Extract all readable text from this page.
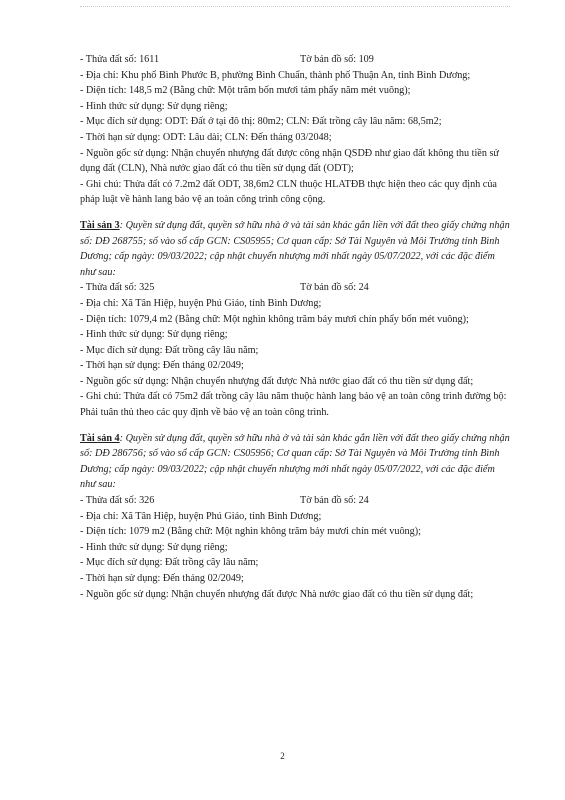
- Thửa đất số: 1611	Tờ bản đồ số: 109
- Địa chỉ: Khu phố Bình Phước B, phường Bình Chuẩn, thành phố Thuận An, tỉnh Bình Dương;
- Diện tích: 148,5 m2 (Bằng chữ: Một trăm bốn mươi tám phẩy năm mét vuông);
- Hình thức sử dụng: Sử dụng riêng;
- Mục đích sử dụng: ODT: Đất ở tại đô thị: 80m2; CLN: Đất trồng cây lâu năm: 68,5m2;
- Thời hạn sử dụng: ODT: Lâu dài; CLN: Đến tháng 03/2048;
- Nguồn gốc sử dụng: Nhận chuyển nhượng đất được công nhận QSDĐ như giao đất không thu tiền sử dụng đất (CLN), Nhà nước giao đất có thu tiền sử dụng đất (ODT);
- Ghi chú: Thửa đất có 7.2m2 đất ODT, 38,6m2 CLN thuộc HLATĐB thực hiện theo các quy định của pháp luật về hành lang bảo vệ an toàn công trình công cộng.
Tài sản 3: Quyền sử dụng đất, quyền sở hữu nhà ở và tài sản khác gắn liền với đất theo giấy chứng nhận số: DĐ 268755; số vào sổ cấp GCN: CS05955; Cơ quan cấp: Sở Tài Nguyên và Môi Trường tỉnh Bình Dương; cấp ngày: 09/03/2022; cập nhật chuyển nhượng mới nhất ngày 05/07/2022, với các đặc điểm như sau:
- Thửa đất số: 325	Tờ bản đồ số: 24
- Địa chỉ: Xã Tân Hiệp, huyện Phú Giáo, tỉnh Bình Dương;
- Diện tích: 1079,4 m2 (Bằng chữ: Một nghìn không trăm bảy mươi chín phẩy bốn mét vuông);
- Hình thức sử dụng: Sử dụng riêng;
- Mục đích sử dụng: Đất trồng cây lâu năm;
- Thời hạn sử dụng: Đến tháng 02/2049;
- Nguồn gốc sử dụng: Nhận chuyển nhượng đất được Nhà nước giao đất có thu tiền sử dụng đất;
- Ghi chú: Thửa đất có 75m2 đất trồng cây lâu năm thuộc hành lang bảo vệ an toàn công trình đường bộ: Phải tuân thủ theo các quy định về bảo vệ an toàn công trình.
Tài sản 4: Quyền sử dụng đất, quyền sở hữu nhà ở và tài sản khác gắn liền với đất theo giấy chứng nhận số: DĐ 286756; số vào sổ cấp GCN: CS05956; Cơ quan cấp: Sở Tài Nguyên và Môi Trường tỉnh Bình Dương; cấp ngày: 09/03/2022; cập nhật chuyển nhượng mới nhất ngày 05/07/2022, với các đặc điểm như sau:
- Thửa đất số: 326	Tờ bản đồ số: 24
- Địa chỉ: Xã Tân Hiệp, huyện Phú Giáo, tỉnh Bình Dương;
- Diện tích: 1079 m2 (Bằng chữ: Một nghìn không trăm bảy mươi chín mét vuông);
- Hình thức sử dụng: Sử dụng riêng;
- Mục đích sử dụng: Đất trồng cây lâu năm;
- Thời hạn sử dụng: Đến tháng 02/2049;
- Nguồn gốc sử dụng: Nhận chuyển nhượng đất được Nhà nước giao đất có thu tiền sử dụng đất;
2
